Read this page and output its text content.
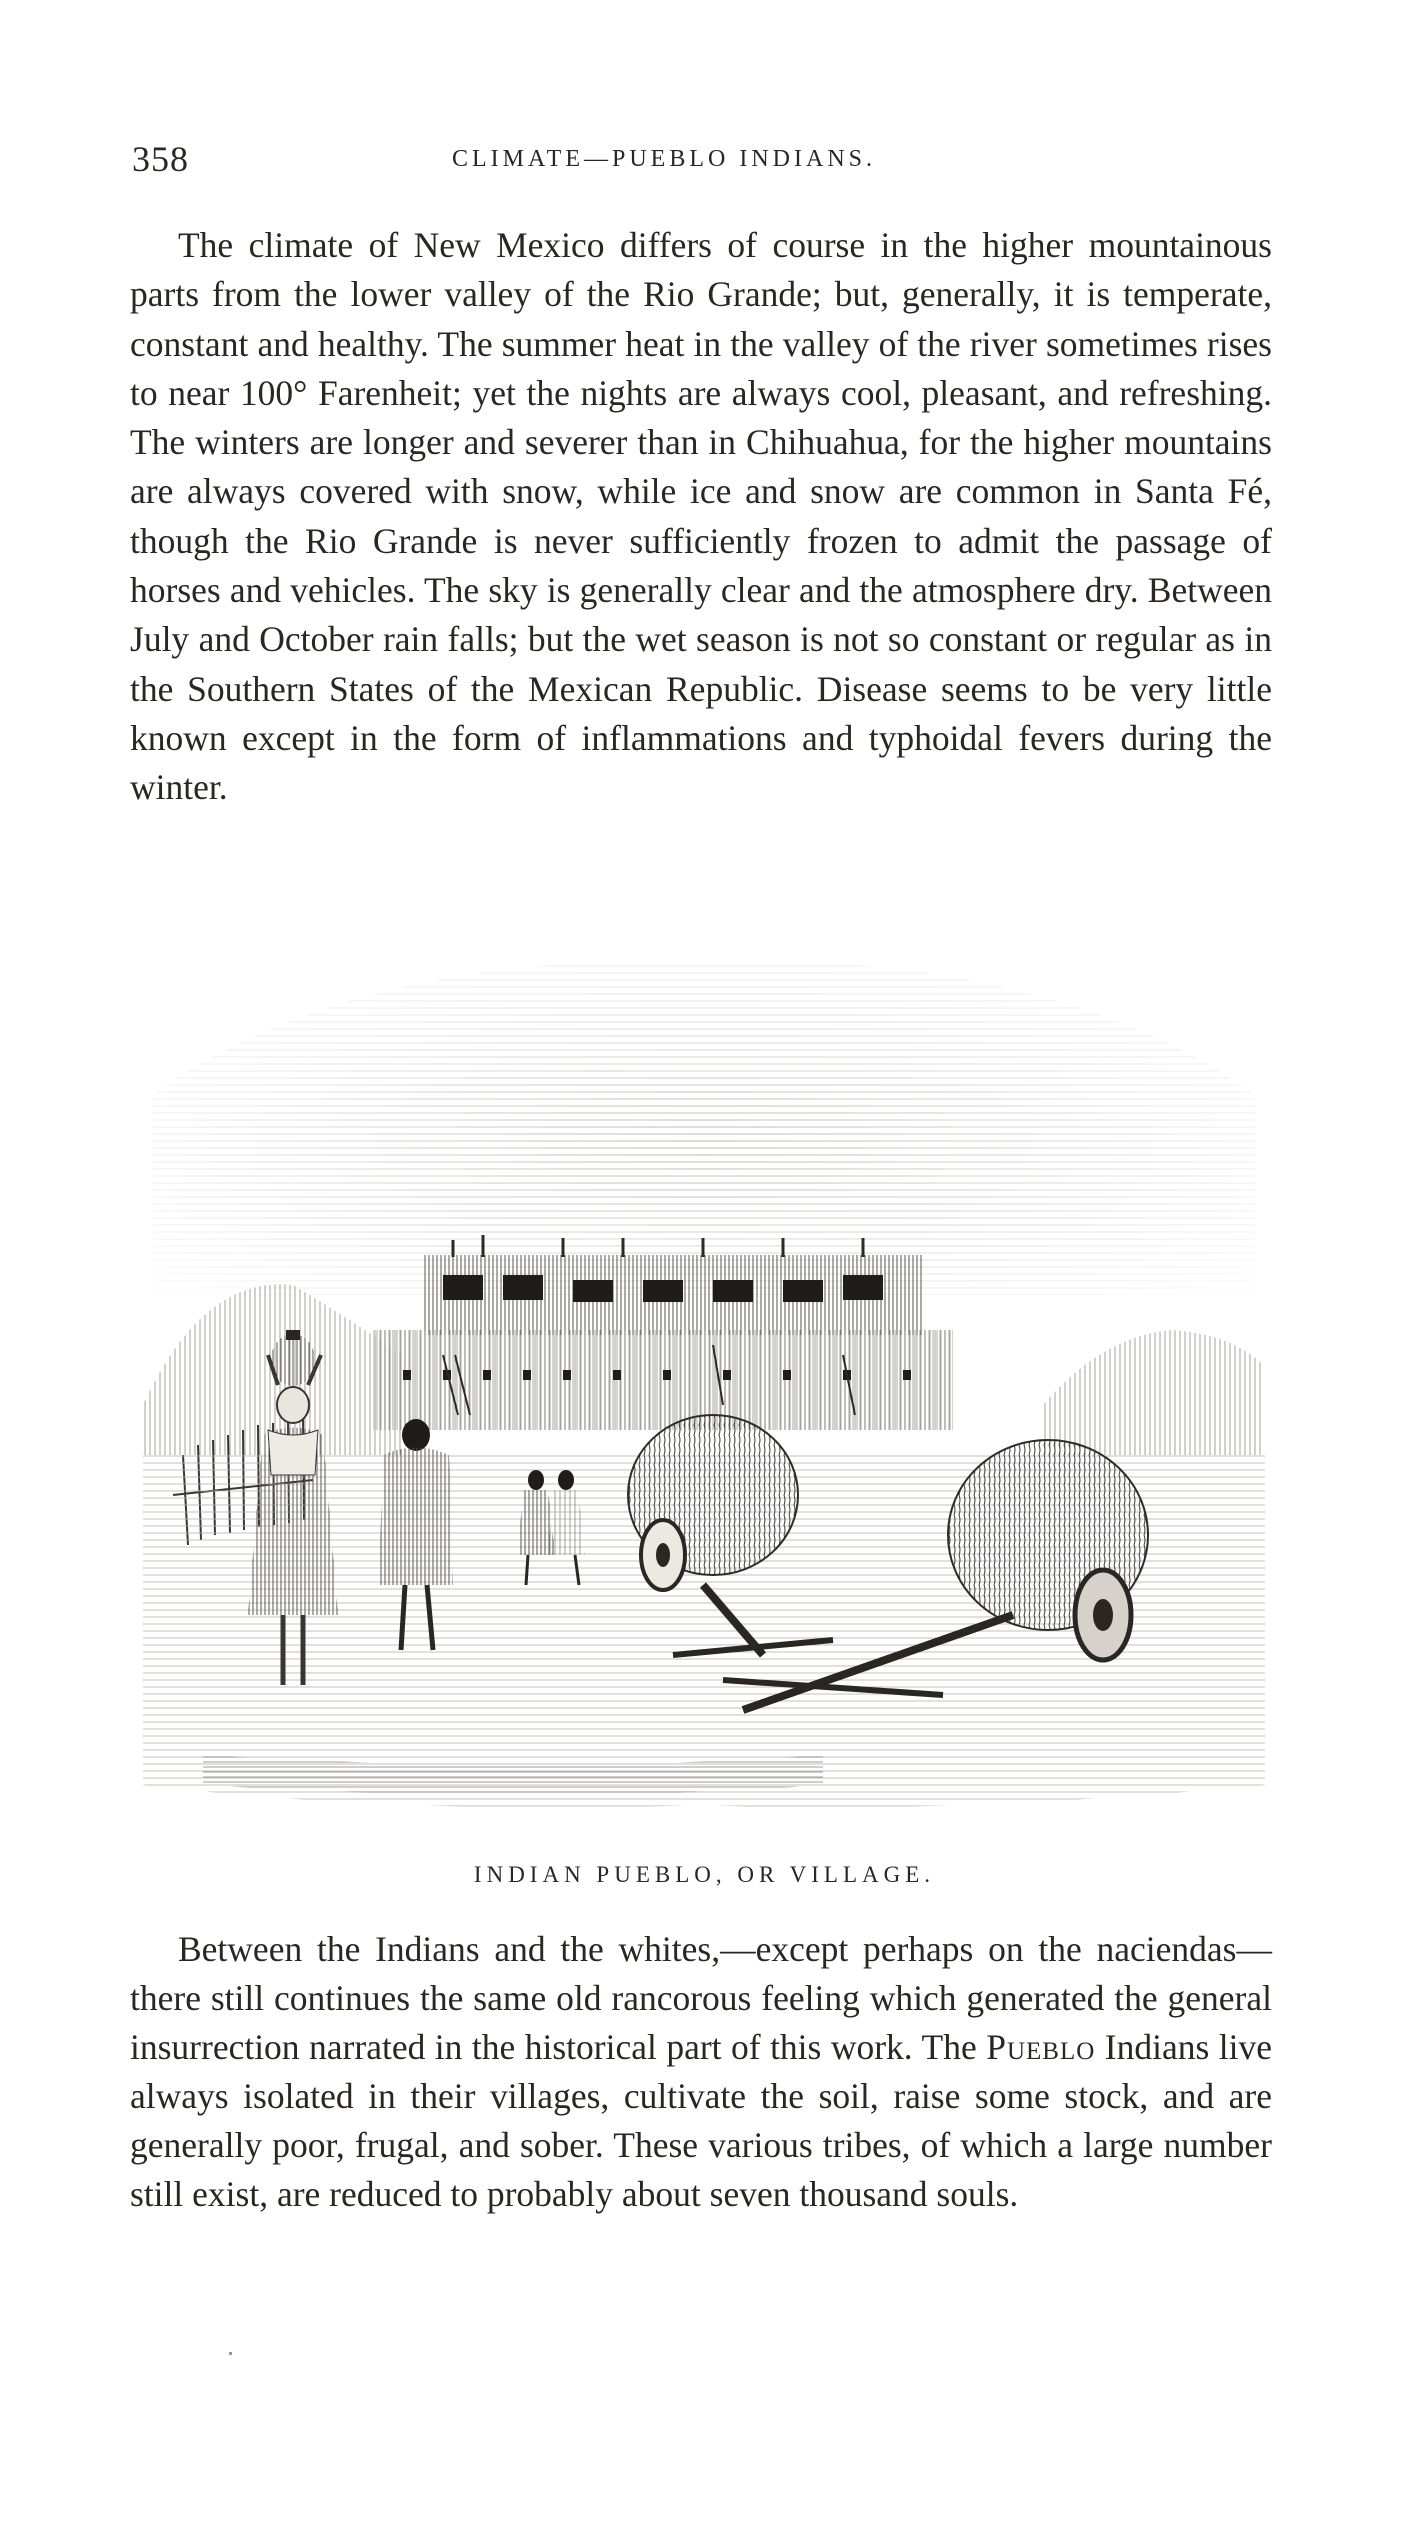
358	CLIMATE—PUEBLO INDIANS.

The climate of New Mexico differs of course in the higher mountainous parts from the lower valley of the Rio Grande; but, generally, it is temperate, constant and healthy. The summer heat in the valley of the river sometimes rises to near 100° Farenheit; yet the nights are always cool, pleasant, and refreshing. The winters are longer and severer than in Chihuahua, for the higher mountains are always covered with snow, while ice and snow are common in Santa Fé, though the Rio Grande is never sufficiently frozen to admit the passage of horses and vehicles. The sky is generally clear and the atmosphere dry. Between July and October rain falls; but the wet season is not so constant or regular as in the Southern States of the Mexican Republic. Disease seems to be very little known except in the form of inflammations and typhoidal fevers during the winter.

INDIAN PUEBLO, OR VILLAGE.

Between the Indians and the whites,—except perhaps on the naciendas—there still continues the same old rancorous feeling which generated the general insurrection narrated in the historical part of this work. The Pueblo Indians live always isolated in their villages, cultivate the soil, raise some stock, and are generally poor, frugal, and sober. These various tribes, of which a large number still exist, are reduced to probably about seven thousand souls.
